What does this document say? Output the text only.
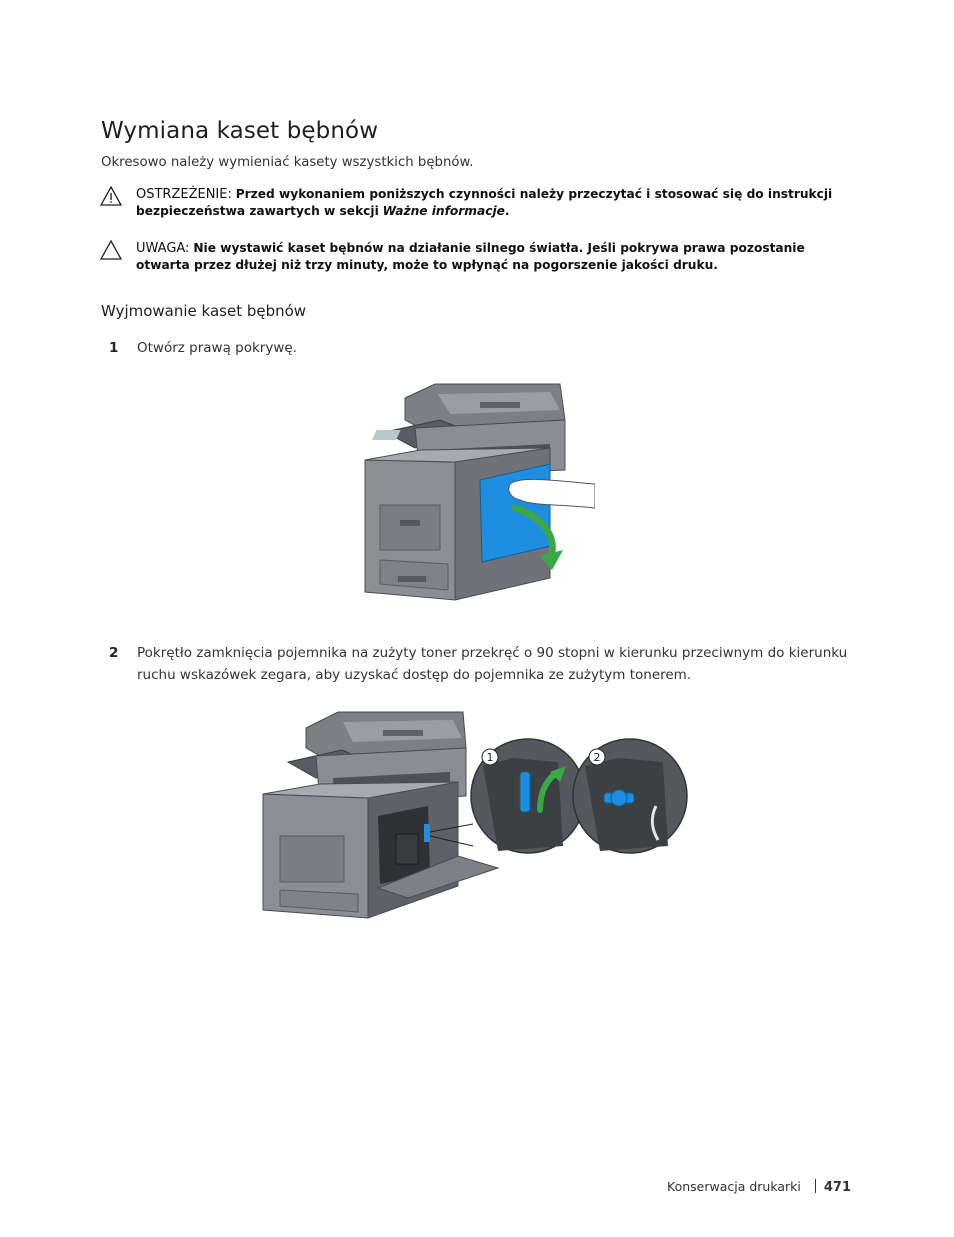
Wymiana kaset bębnów

Okresowo należy wymieniać kasety wszystkich bębnów.

OSTRZEŻENIE: Przed wykonaniem poniższych czynności należy przeczytać i stosować się do instrukcji bezpieczeństwa zawartych w sekcji Ważne informacje.
UWAGA: Nie wystawić kaset bębnów na działanie silnego światła. Jeśli pokrywa prawa pozostanie otwarta przez dłużej niż trzy minuty, może to wpłynąć na pogorszenie jakości druku.
Wyjmowanie kaset bębnów
1 Otwórz prawą pokrywę.
2 Pokrętło zamknięcia pojemnika na zużyty toner przekręć o 90 stopni w kierunku przeciwnym do kierunku ruchu wskazówek zegara, aby uzyskać dostęp do pojemnika ze zużytym tonerem.
1	2
Konserwacja drukarki 471
